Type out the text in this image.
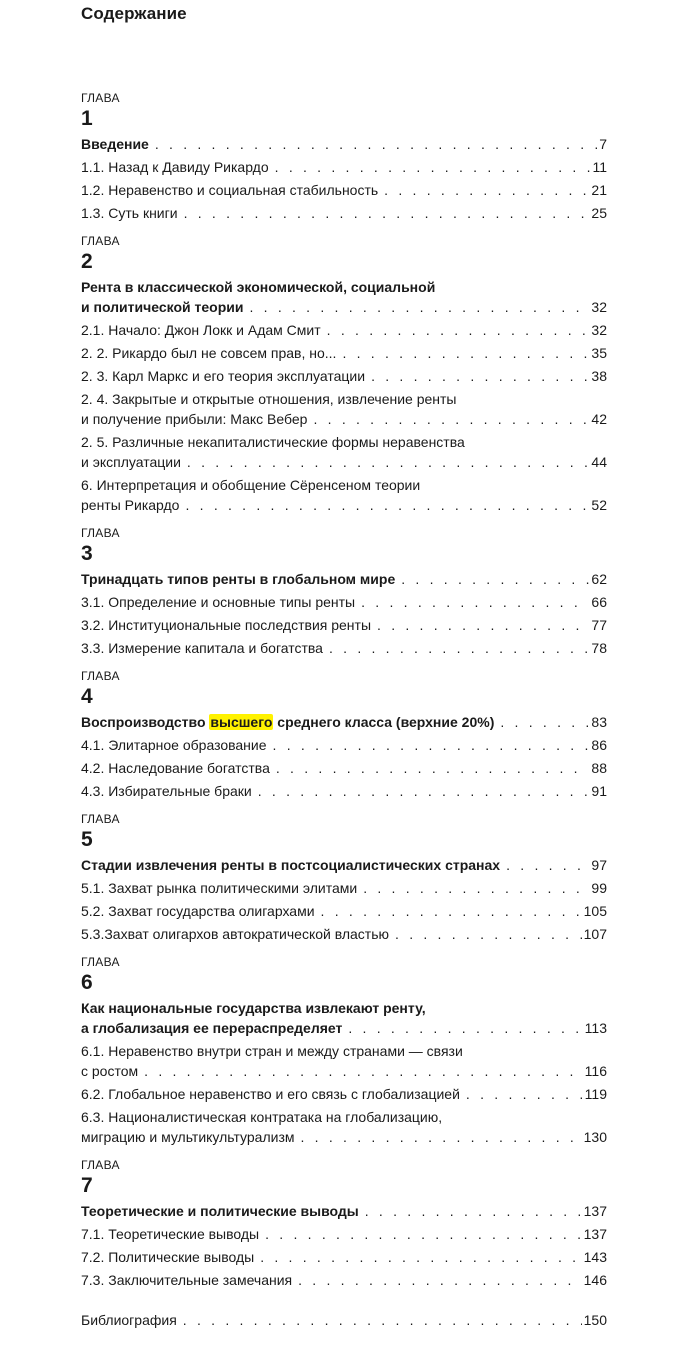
Содержание
ГЛАВА
1
Введение . . .	7
1.1. Назад к Давиду Рикардо . . .	11
1.2. Неравенство и социальная стабильность . . .	21
1.3. Суть книги . . .	25
ГЛАВА
2
Рента в классической экономической, социальной
и политической теории . . .	32
2.1. Начало: Джон Локк и Адам Смит . . .	32
2. 2. Рикардо был не совсем прав, но... . . .	35
2. 3. Карл Маркс и его теория эксплуатации . . .	38
2. 4. Закрытые и открытые отношения, извлечение ренты
и получение прибыли: Макс Вебер . . .	42
2. 5. Различные некапиталистические формы неравенства
и эксплуатации . . .	44
6. Интерпретация и обобщение Сёренсеном теории
ренты Рикардо . . .	52
ГЛАВА
3
Тринадцать типов ренты в глобальном мире . . .	62
3.1. Определение и основные типы ренты . . .	66
3.2. Институциональные последствия ренты . . .	77
3.3. Измерение капитала и богатства . . .	78
ГЛАВА
4
Воспроизводство высшего среднего класса (верхние 20%) . . .	83
4.1. Элитарное образование . . .	86
4.2. Наследование богатства . . .	88
4.3. Избирательные браки . . .	91
ГЛАВА
5
Стадии извлечения ренты в постсоциалистических странах . . .	97
5.1. Захват рынка политическими элитами . . .	99
5.2. Захват государства олигархами . . .	105
5.3.Захват олигархов автократической властью . . .	107
ГЛАВА
6
Как национальные государства извлекают ренту,
а глобализация ее перераспределяет . . .	113
6.1. Неравенство внутри стран и между странами — связи
с ростом . . .	116
6.2. Глобальное неравенство и его связь с глобализацией . . .	119
6.3. Националистическая контратака на глобализацию,
миграцию и мультикультурализм . . .	130
ГЛАВА
7
Теоретические и политические выводы . . .	137
7.1. Теоретические выводы . . .	137
7.2. Политические выводы . . .	143
7.3. Заключительные замечания . . .	146
Библиография . . .	150
